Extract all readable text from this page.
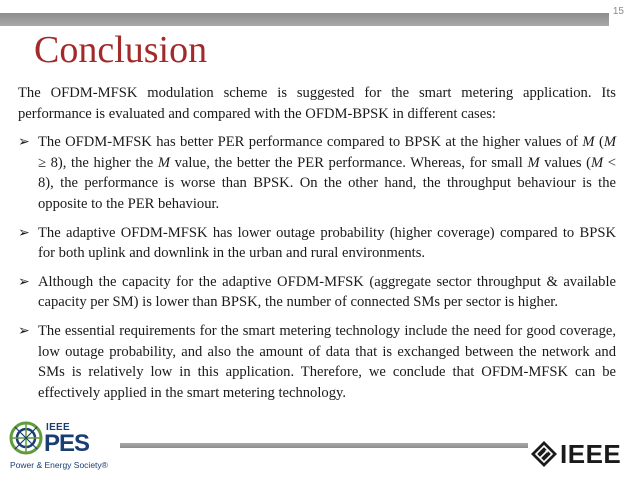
15
Conclusion

The OFDM-MFSK modulation scheme is suggested for the smart metering application. Its performance is evaluated and compared with the OFDM-BPSK in different cases:

➢ The OFDM-MFSK has better PER performance compared to BPSK at the higher values of M (M ≥ 8), the higher the M value, the better the PER performance. Whereas, for small M values (M < 8), the performance is worse than BPSK. On the other hand, the throughput behaviour is the opposite to the PER behaviour.
➢ The adaptive OFDM-MFSK has lower outage probability (higher coverage) compared to BPSK for both uplink and downlink in the urban and rural environments.
➢ Although the capacity for the adaptive OFDM-MFSK (aggregate sector throughput & available capacity per SM) is lower than BPSK, the number of connected SMs per sector is higher.
➢ The essential requirements for the smart metering technology include the need for good coverage, low outage probability, and also the amount of data that is exchanged between the network and SMs is relatively low in this application. Therefore, we conclude that OFDM-MFSK can be effectively applied in the smart metering technology.
IEEE
PES
Power & Energy Society®	IEEE
